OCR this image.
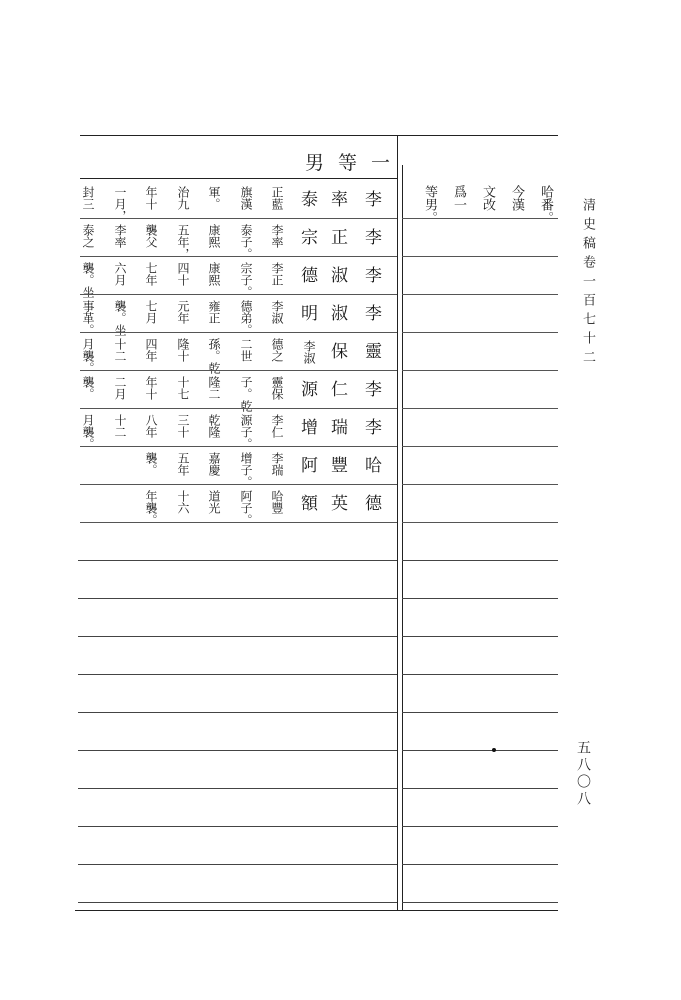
男等一
哈番。
今漢
文改
爲一
等男。
李
率
泰
正藍
旗漢
軍。
治九
年十
一月，
封三
李
正
宗
李率
泰子。
康熙
五年，
襲父
李率
泰之
李
淑
德
李正
宗子。
康熙
四十
七年
六月
襲。坐
李
淑
明
李淑
德弟。
雍正
元年
七月
襲。坐
事革。
靈
保
李淑
德之
二世
孫。乾
隆十
四年
十二
月襲。
李
仁
源
靈保
子。乾
隆二
十七
年十
二月
襲。
李
瑞
增
李仁
源子。
乾隆
三十
八年
十二
月襲。
哈
豐
阿
李瑞
增子。
嘉慶
五年
襲。
德
英
額
哈豐
阿子。
道光
十六
年襲。
清史稿卷一百七十二
五八〇八
